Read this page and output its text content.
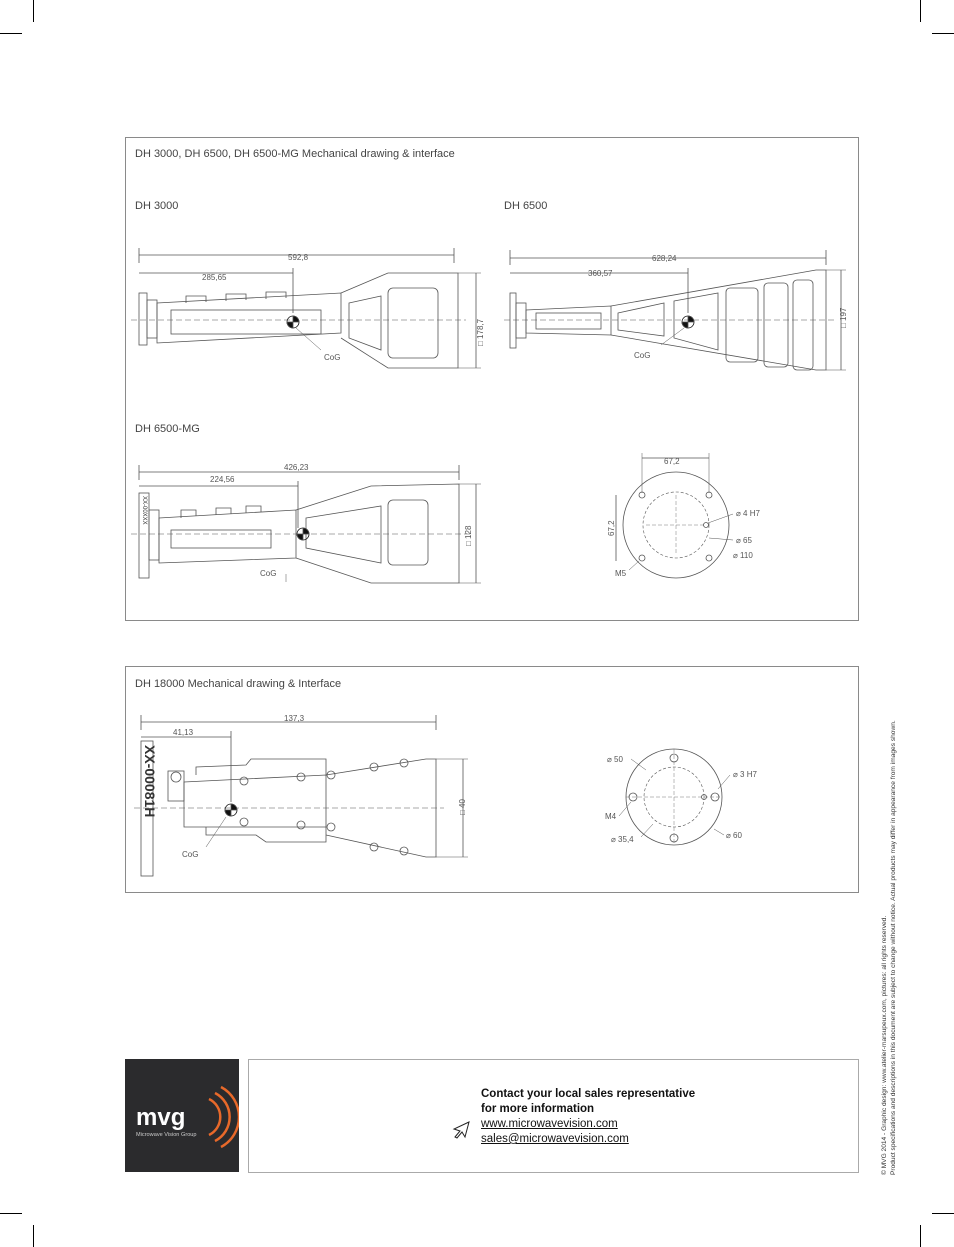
DH 3000, DH 6500, DH 6500-MG Mechanical drawing & interface
DH 3000	DH 6500
DH 6500-MG
592,8
285,65
□ 178,7
CoG
628,24
360,57
□ 197
CoG
426,23
224,56
XX-00XXX
□ 128
CoG
67,2
67,2
⌀ 4 H7
⌀ 65
⌀ 110
M5
DH 18000 Mechanical drawing & Interface
137,3
41,13
XX-00081H	□ 40
CoG
⌀ 50
⌀ 3 H7
M4
⌀ 60
⌀ 35,4
mvg
Microwave Vision Group
Contact your local sales representative
for more information
www.microwavevision.com
sales@microwavevision.com	© MVG 2014 - Graphic design: www.atelier-marsupeux.com, pictures: all rights reserved. Product specifications and descriptions in this document are subject to change without notice. Actual products may differ in appearance from images shown.
